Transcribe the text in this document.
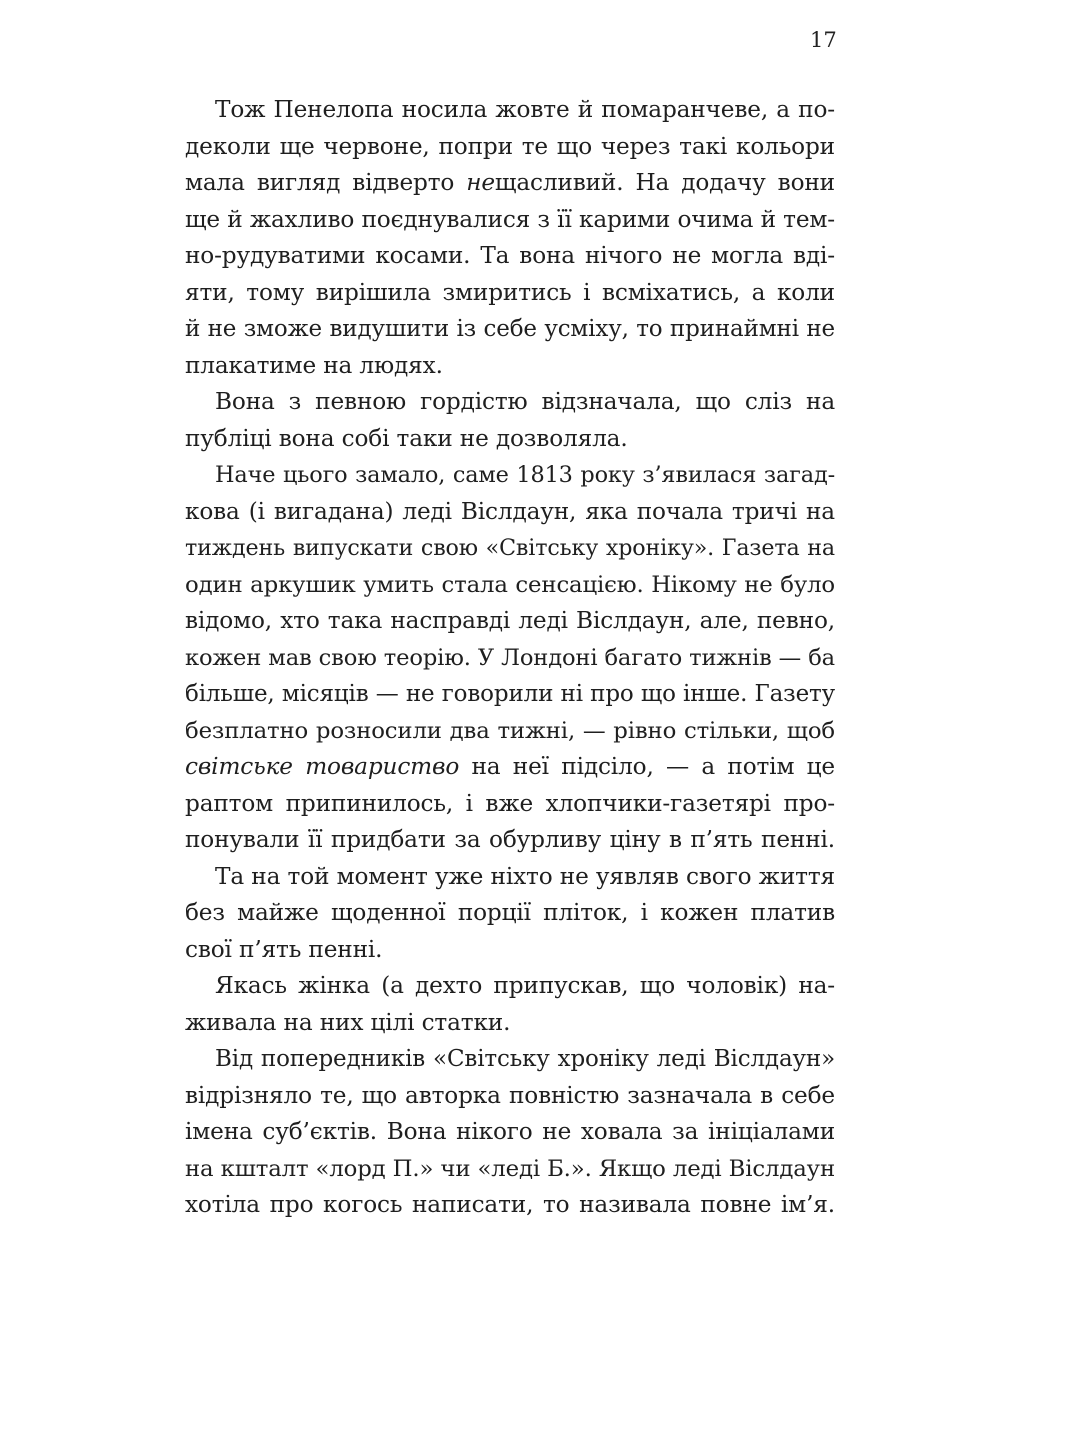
17
Тож Пенелопа носила жовте й помаранчеве, а по-
деколи ще червоне, попри те що через такі кольори
мала вигляд відверто нещасливий. На додачу вони
ще й жахливо поєднувалися з її карими очима й тем-
но-рудуватими косами. Та вона нічого не могла вді-
яти, тому вирішила змиритись і всміхатись, а коли
й не зможе видушити із себе усміху, то принаймні не
плакатиме на людях.
Вона з певною гордістю відзначала, що сліз на
публіці вона собі таки не дозволяла.
Наче цього замало, саме 1813 року з’явилася загад-
кова (і вигадана) леді Віслдаун, яка почала тричі на
тиждень випускати свою «Світську хроніку». Газета на
один аркушик умить стала сенсацією. Нікому не було
відомо, хто така насправді леді Віслдаун, але, певно,
кожен мав свою теорію. У Лондоні багато тижнів — ба
більше, місяців — не говорили ні про що інше. Газету
безплатно розносили два тижні, — рівно стільки, щоб
світське товариство на неї підсіло, — а потім це
раптом припинилось, і вже хлопчики-газетярі про-
понували її придбати за обурливу ціну в п’ять пенні.
Та на той момент уже ніхто не уявляв свого життя
без майже щоденної порції пліток, і кожен платив
свої п’ять пенні.
Якась жінка (а дехто припускав, що чоловік) на-
живала на них цілі статки.
Від попередників «Світську хроніку леді Віслдаун»
відрізняло те, що авторка повністю зазначала в себе
імена суб’єктів. Вона нікого не ховала за ініціалами
на кшталт «лорд П.» чи «леді Б.». Якщо леді Віслдаун
хотіла про когось написати, то називала повне ім’я.
